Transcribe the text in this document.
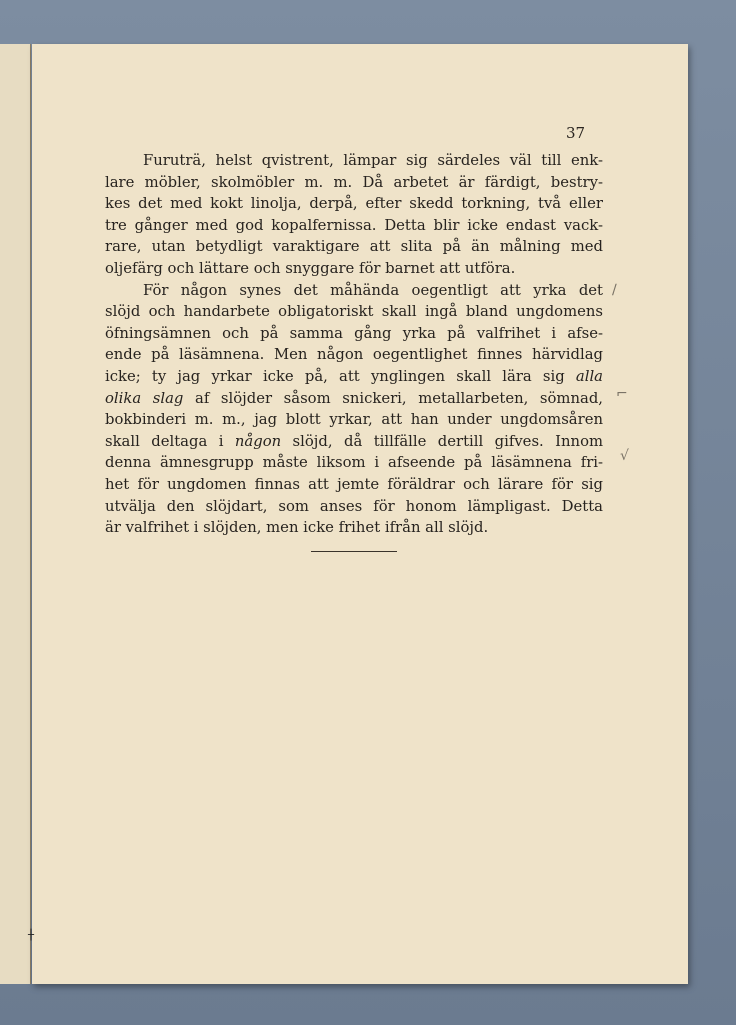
37
Furuträ, helst qvistrent, lämpar sig särdeles väl till enk-
lare möbler, skolmöbler m. m. Då arbetet är färdigt, bestry-
kes det med kokt linolja, derpå, efter skedd torkning, två eller
tre gånger med god kopalfernissa. Detta blir icke endast vack-
rare, utan betydligt varaktigare att slita på än målning med
oljefärg och lättare och snyggare för barnet att utföra.
För någon synes det måhända oegentligt att yrka det
slöjd och handarbete obligatoriskt skall ingå bland ungdomens
öfningsämnen och på samma gång yrka på valfrihet i afse-
ende på läsämnena. Men någon oegentlighet finnes härvidlag
icke; ty jag yrkar icke på, att ynglingen skall lära sig alla
olika slag af slöjder såsom snickeri, metallarbeten, sömnad,
bokbinderi m. m., jag blott yrkar, att han under ungdomsåren
skall deltaga i någon slöjd, då tillfälle dertill gifves. Innom
denna ämnesgrupp måste liksom i afseende på läsämnena fri-
het för ungdomen finnas att jemte föräldrar och lärare för sig
utvälja den slöjdart, som anses för honom lämpligast. Detta
är valfrihet i slöjden, men icke frihet ifrån all slöjd.
∕
⌐
√
┼
